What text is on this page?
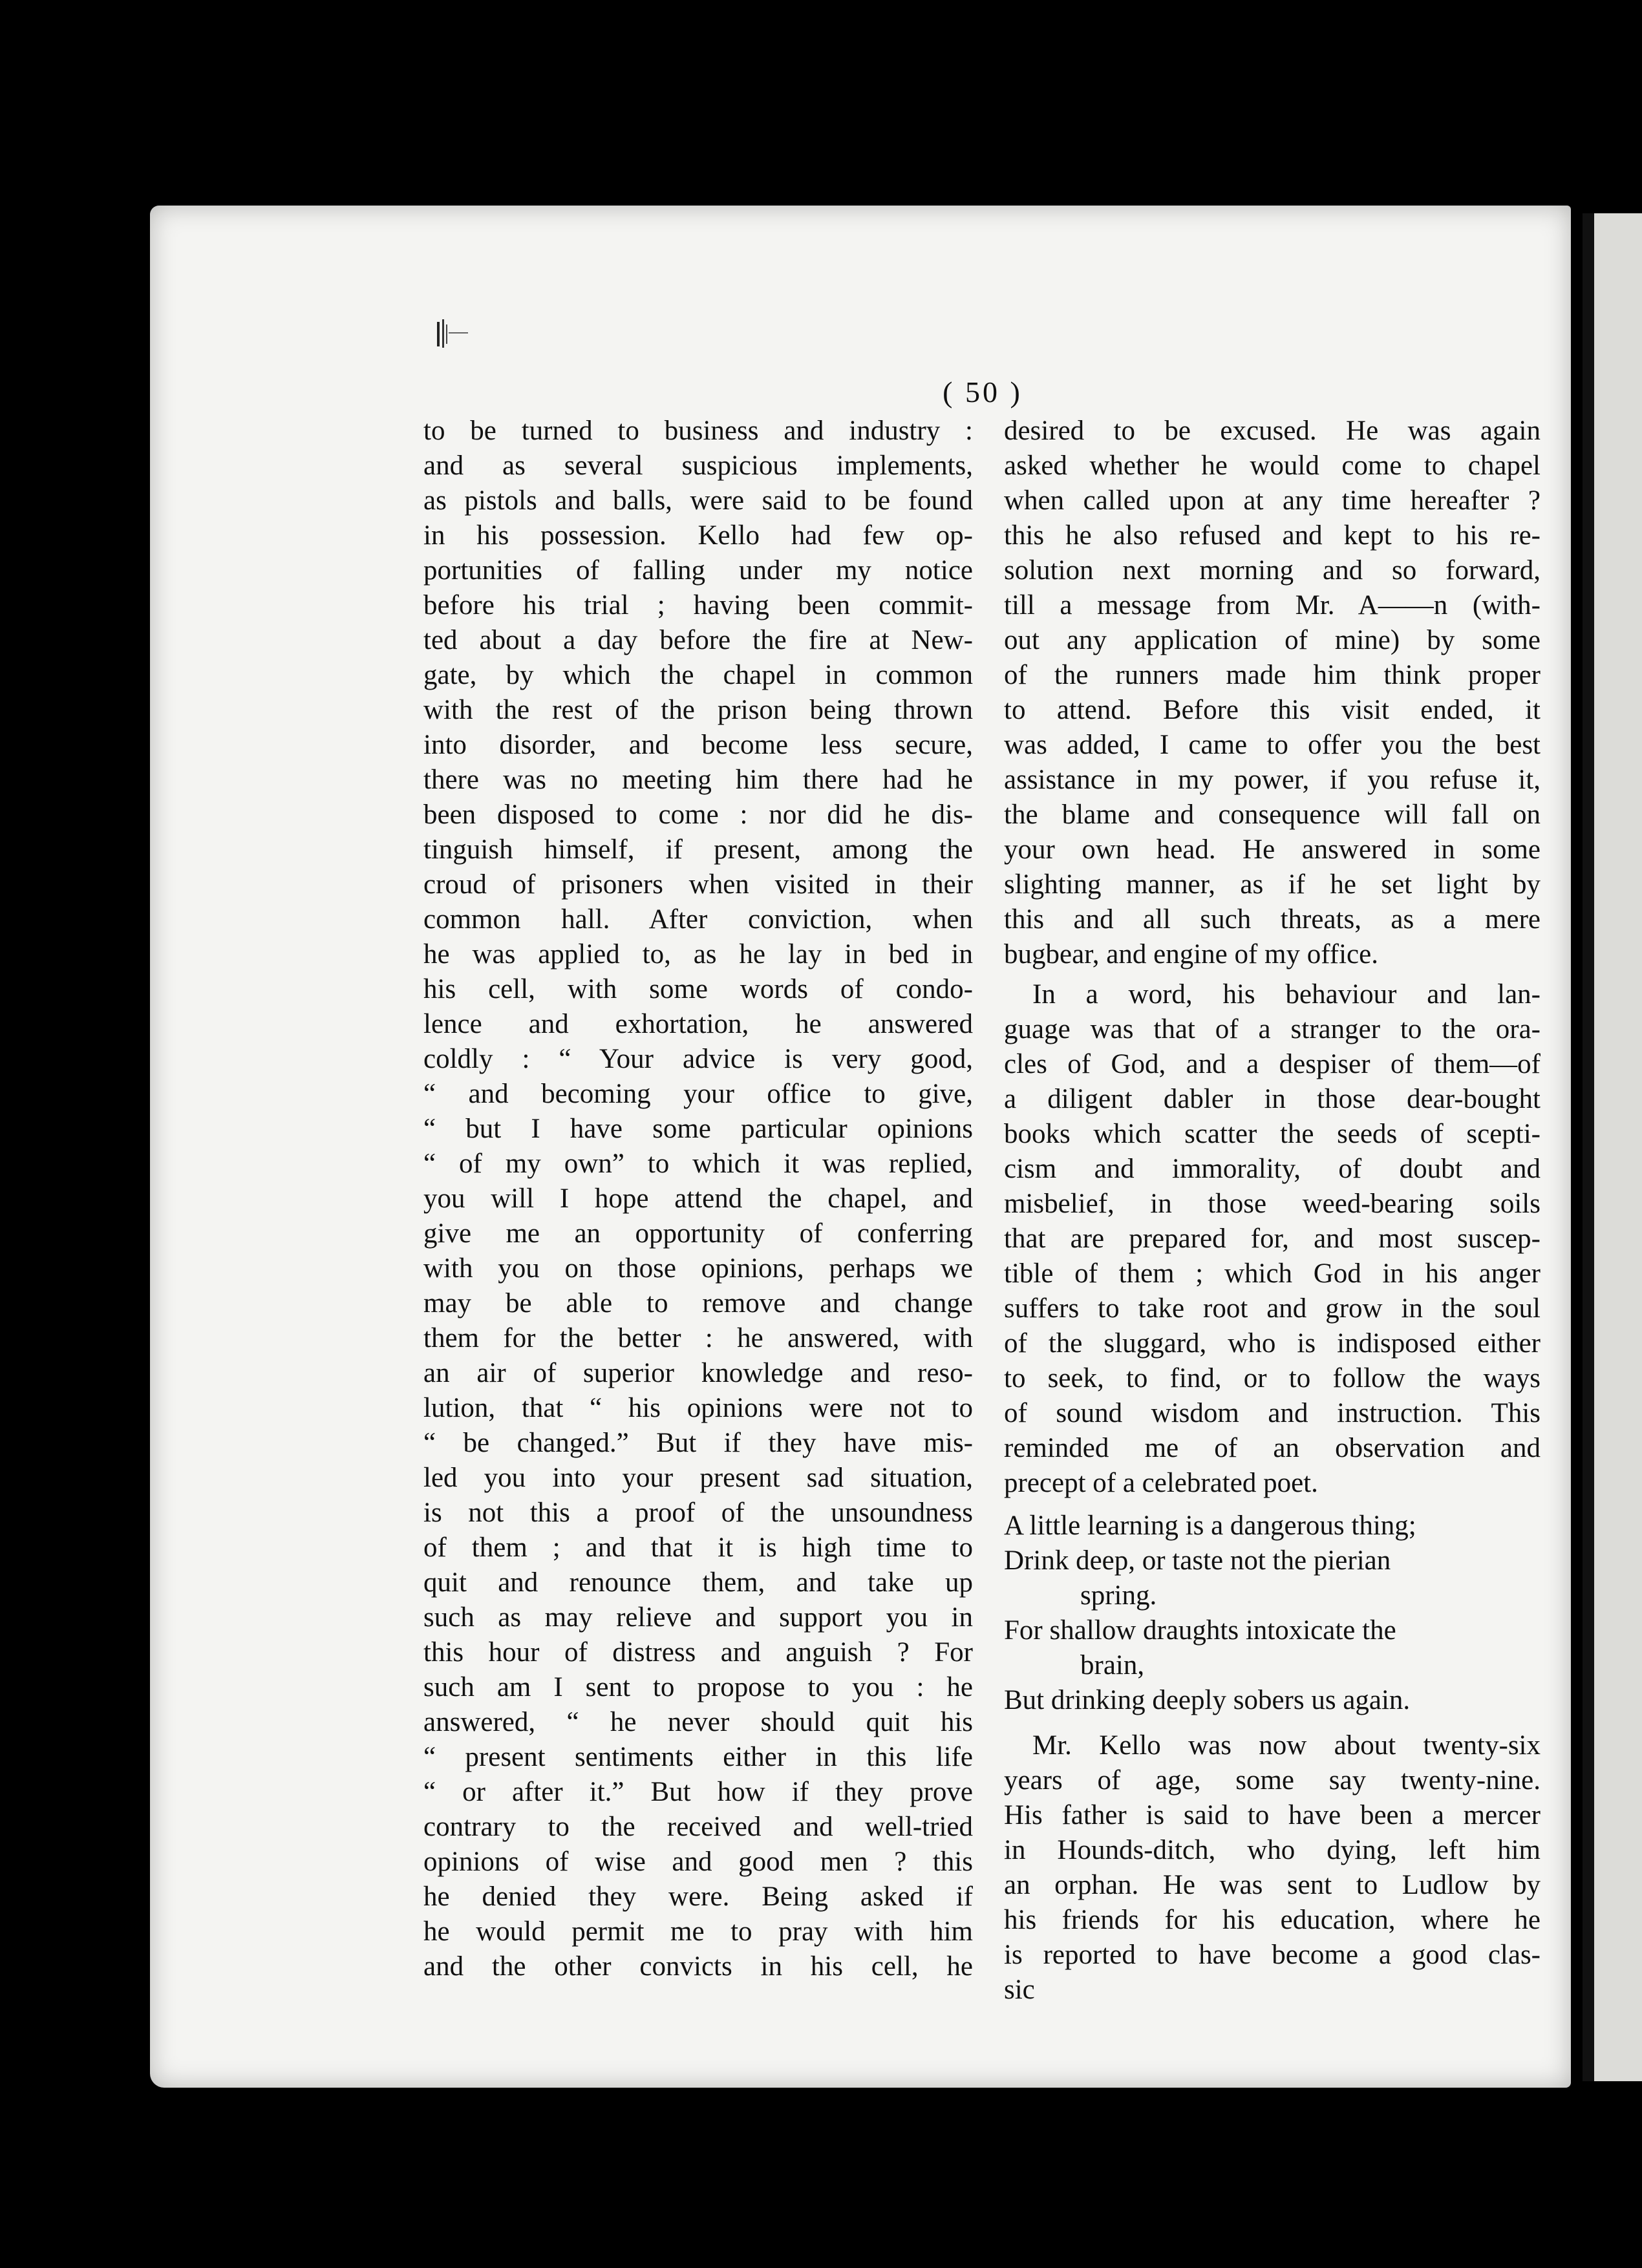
( 50 )
to be turned to business and industry :
and as several suspicious implements,
as pistols and balls, were said to be found
in his possession. Kello had few op-
portunities of falling under my notice
before his trial ; having been commit-
ted about a day before the fire at New-
gate, by which the chapel in common
with the rest of the prison being thrown
into disorder, and become less secure,
there was no meeting him there had he
been disposed to come : nor did he dis-
tinguish himself, if present, among the
croud of prisoners when visited in their
common hall. After conviction, when
he was applied to, as he lay in bed in
his cell, with some words of condo-
lence and exhortation, he answered
coldly : “ Your advice is very good,
“ and becoming your office to give,
“ but I have some particular opinions
“ of my own” to which it was replied,
you will I hope attend the chapel, and
give me an opportunity of conferring
with you on those opinions, perhaps we
may be able to remove and change
them for the better : he answered, with
an air of superior knowledge and reso-
lution, that “ his opinions were not to
“ be changed.” But if they have mis-
led you into your present sad situation,
is not this a proof of the unsoundness
of them ; and that it is high time to
quit and renounce them, and take up
such as may relieve and support you in
this hour of distress and anguish ? For
such am I sent to propose to you : he
answered, “ he never should quit his
“ present sentiments either in this life
“ or after it.” But how if they prove
contrary to the received and well-tried
opinions of wise and good men ? this
he denied they were. Being asked if
he would permit me to pray with him
and the other convicts in his cell, he
desired to be excused. He was again
asked whether he would come to chapel
when called upon at any time hereafter ?
this he also refused and kept to his re-
solution next morning and so forward,
till a message from Mr. A——n (with-
out any application of mine) by some
of the runners made him think proper
to attend. Before this visit ended, it
was added, I came to offer you the best
assistance in my power, if you refuse it,
the blame and consequence will fall on
your own head. He answered in some
slighting manner, as if he set light by
this and all such threats, as a mere
bugbear, and engine of my office.
In a word, his behaviour and lan-
guage was that of a stranger to the ora-
cles of God, and a despiser of them—of
a diligent dabler in those dear-bought
books which scatter the seeds of scepti-
cism and immorality, of doubt and
misbelief, in those weed-bearing soils
that are prepared for, and most suscep-
tible of them ; which God in his anger
suffers to take root and grow in the soul
of the sluggard, who is indisposed either
to seek, to find, or to follow the ways
of sound wisdom and instruction. This
reminded me of an observation and
precept of a celebrated poet.
A little learning is a dangerous thing;
Drink deep, or taste not the pierian
spring.
For shallow draughts intoxicate the
brain,
But drinking deeply sobers us again.
Mr. Kello was now about twenty-six
years of age, some say twenty-nine.
His father is said to have been a mercer
in Hounds-ditch, who dying, left him
an orphan. He was sent to Ludlow by
his friends for his education, where he
is reported to have become a good clas-
sic
